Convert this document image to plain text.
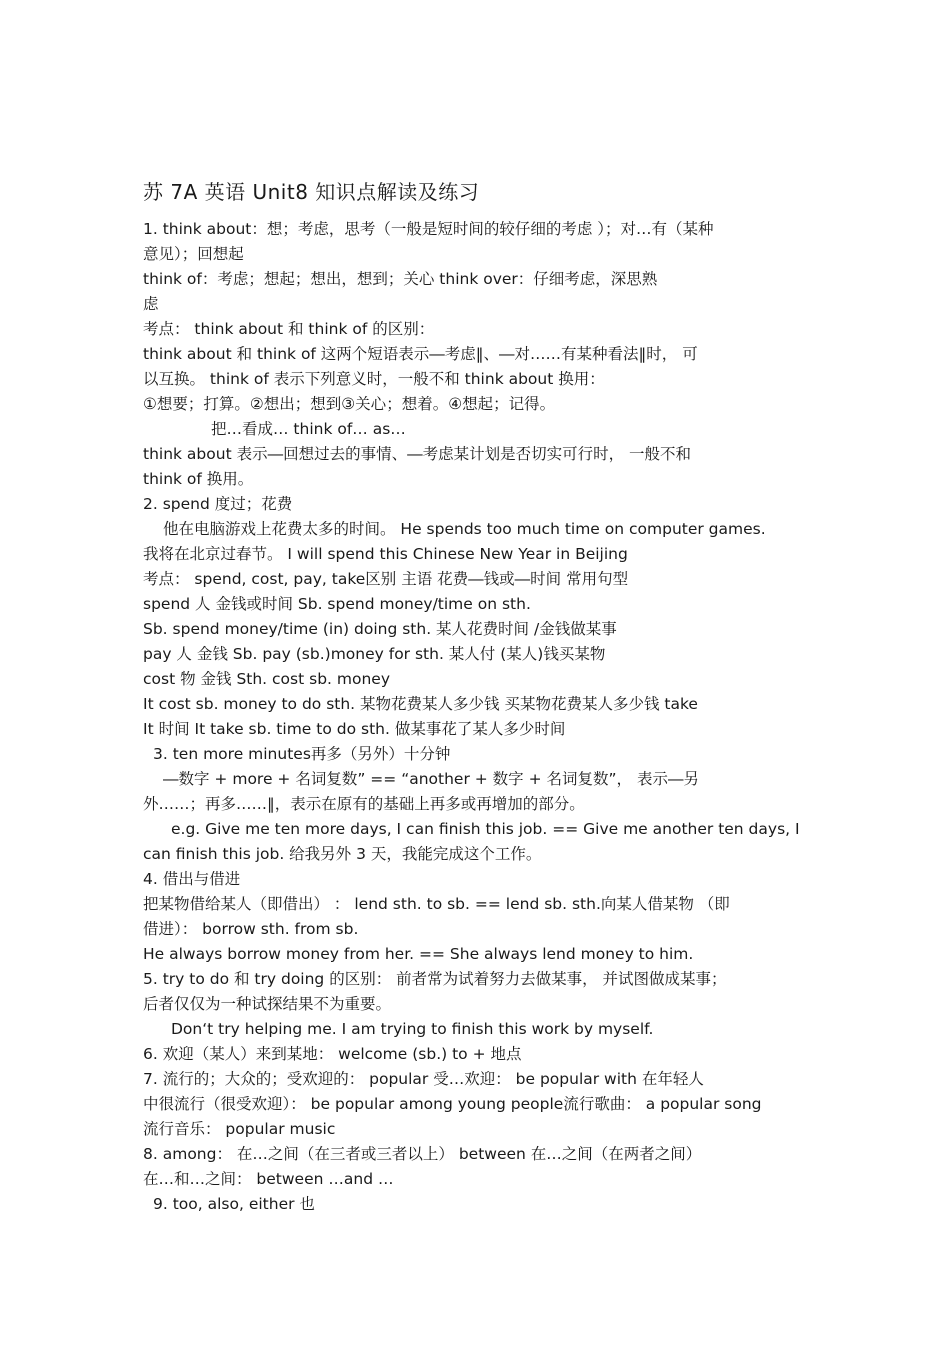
苏 7A 英语 Unit8 知识点解读及练习
1. think about：想；考虑，思考（一般是短时间的较仔细的考虑 ）；对…有（某种
意见）；回想起
think of：考虑；想起；想出，想到；关心 think over：仔细考虑，深思熟
虑
考点： think about 和 think of 的区别：
think about 和 think of 这两个短语表示―考虑‖、―对……有某种看法‖时， 可
以互换。 think of 表示下列意义时，一般不和 think about 换用：
①想要；打算。②想出；想到③关心；想着。④想起；记得。
把…看成… think of… as…
think about 表示―回想过去的事情、―考虑某计划是否切实可行时， 一般不和
think of 换用。
2. spend 度过；花费
他在电脑游戏上花费太多的时间。 He spends too much time on computer games.
我将在北京过春节。 I will spend this Chinese New Year in Beijing
考点： spend, cost, pay, take区别 主语 花费―钱或―时间 常用句型
spend 人 金钱或时间 Sb. spend money/time on sth.
Sb. spend money/time (in) doing sth. 某人花费时间 /金钱做某事
pay 人 金钱 Sb. pay (sb.)money for sth. 某人付 (某人)钱买某物
cost 物 金钱 Sth. cost sb. money
It cost sb. money to do sth. 某物花费某人多少钱 买某物花费某人多少钱 take
It 时间 It take sb. time to do sth. 做某事花了某人多少时间
3. ten more minutes再多（另外）十分钟
―数字 + more + 名词复数” == “another + 数字 + 名词复数”， 表示―另
外……；再多……‖，表示在原有的基础上再多或再增加的部分。
e.g. Give me ten more days, I can finish this job. == Give me another ten days, I
can finish this job. 给我另外 3 天，我能完成这个工作。
4. 借出与借进
把某物借给某人（即借出） ： lend sth. to sb. == lend sb. sth.向某人借某物 （即
借进）： borrow sth. from sb.
He always borrow money from her. == She always lend money to him.
5. try to do 和 try doing 的区别： 前者常为试着努力去做某事， 并试图做成某事；
后者仅仅为一种试探结果不为重要。
Don‘t try helping me. I am trying to finish this work by myself.
6. 欢迎（某人）来到某地： welcome (sb.) to + 地点
7. 流行的；大众的；受欢迎的： popular 受…欢迎： be popular with 在年轻人
中很流行（很受欢迎）： be popular among young people流行歌曲： a popular song
流行音乐： popular music
8. among： 在…之间（在三者或三者以上） between 在…之间（在两者之间）
在…和…之间： between …and …
9. too, also, either 也
